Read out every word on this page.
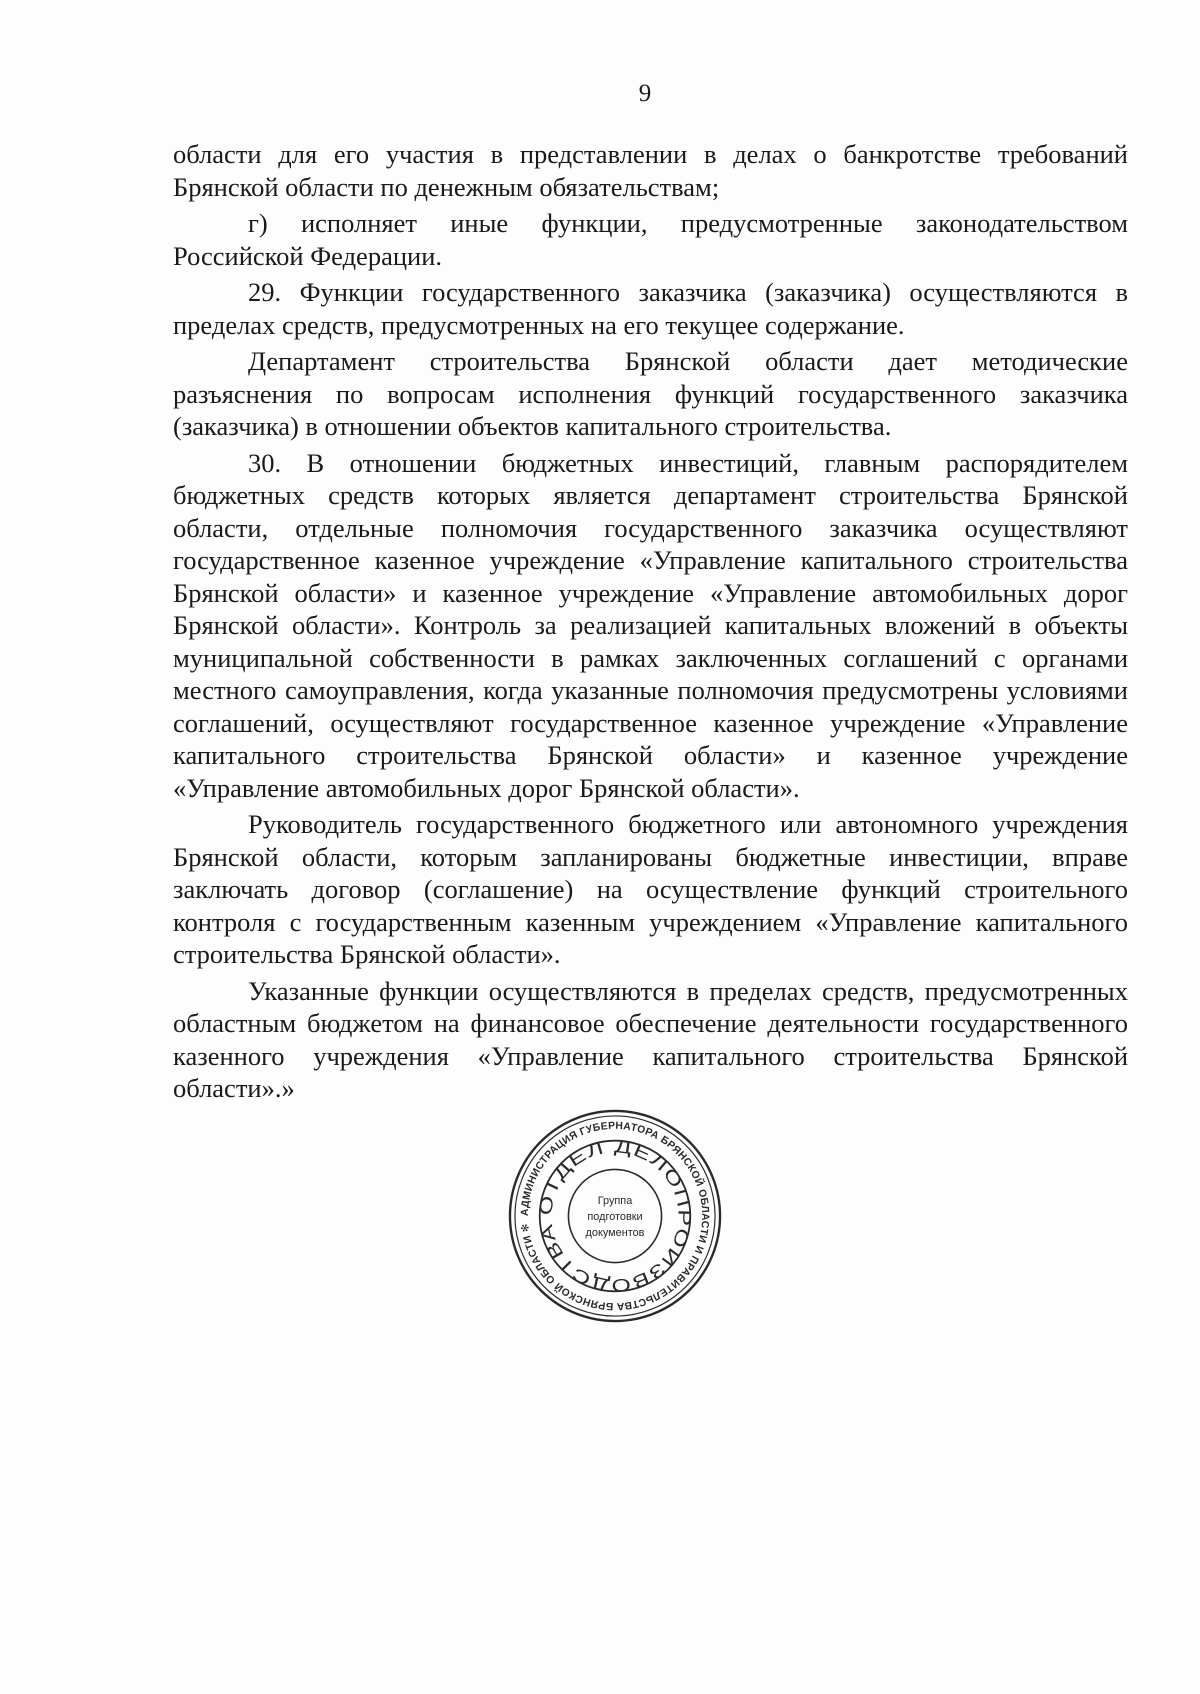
9

области для его участия в представлении в делах о банкротстве требований Брянской области по денежным обязательствам;

г) исполняет иные функции, предусмотренные законодательством Российской Федерации.

29. Функции государственного заказчика (заказчика) осуществляются в пределах средств, предусмотренных на его текущее содержание.

Департамент строительства Брянской области дает методические разъяснения по вопросам исполнения функций государственного заказчика (заказчика) в отношении объектов капитального строительства.

30. В отношении бюджетных инвестиций, главным распорядителем бюджетных средств которых является департамент строительства Брянской области, отдельные полномочия государственного заказчика осуществляют государственное казенное учреждение «Управление капитального строительства Брянской области» и казенное учреждение «Управление автомобильных дорог Брянской области». Контроль за реализацией капитальных вложений в объекты муниципальной собственности в рамках заключенных соглашений с органами местного самоуправления, когда указанные полномочия предусмотрены условиями соглашений, осуществляют государственное казенное учреждение «Управление капитального строительства Брянской области» и казенное учреждение «Управление автомобильных дорог Брянской области».

Руководитель государственного бюджетного или автономного учреждения Брянской области, которым запланированы бюджетные инвестиции, вправе заключать договор (соглашение) на осуществление функций строительного контроля с государственным казенным учреждением «Управление капитального строительства Брянской области».

Указанные функции осуществляются в пределах средств, предусмотренных областным бюджетом на финансовое обеспечение деятельности государственного казенного учреждения «Управление капитального строительства Брянской области».»

АДМИНИСТРАЦИЯ ГУБЕРНАТОРА БРЯНСКОЙ ОБЛАСТИ И ПРАВИТЕЛЬСТВА БРЯНСКОЙ ОБЛАСТИ ✻
ОТДЕЛ ДЕЛОПРОИЗВОДСТВА
Группа
подготовки
документов
